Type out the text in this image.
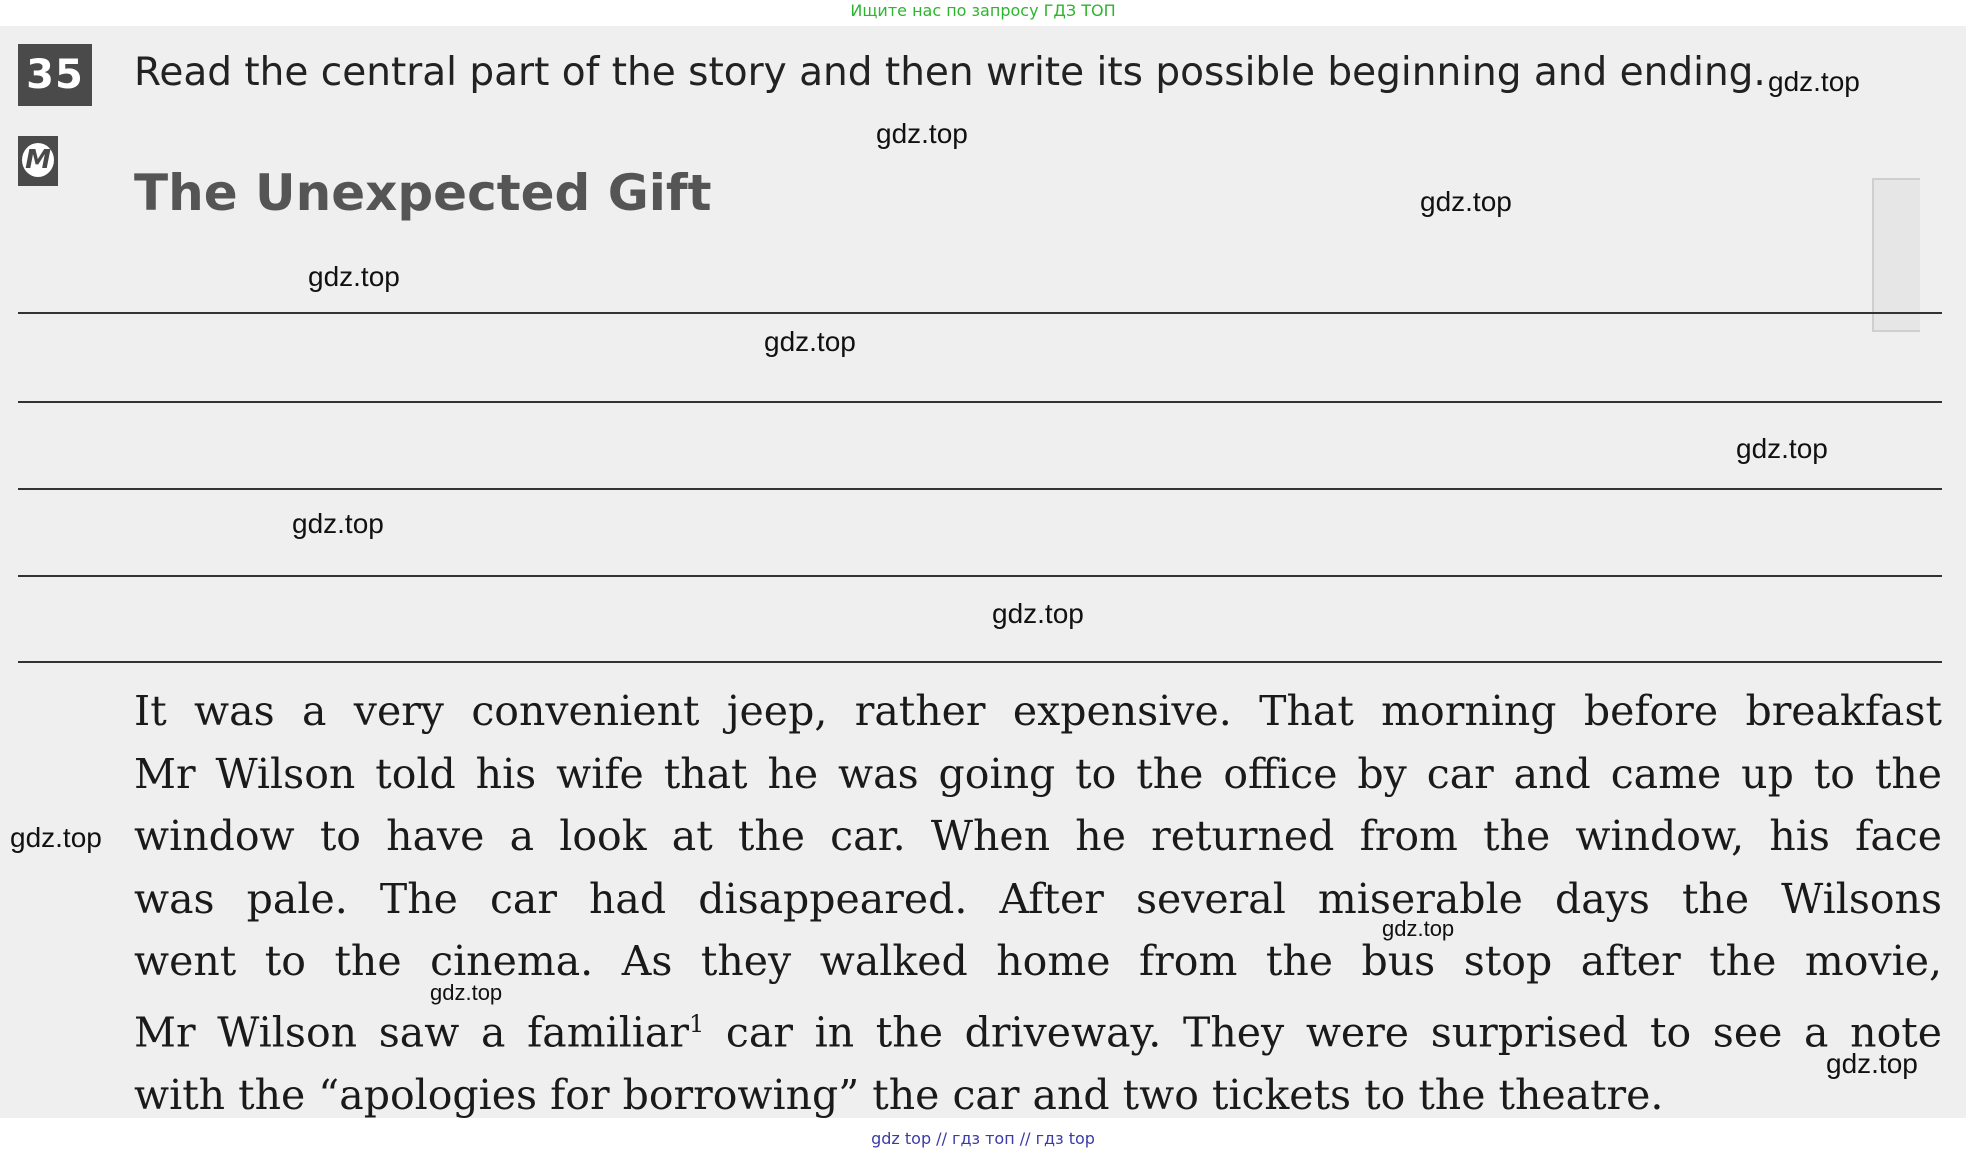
Ищите нас по запросу ГДЗ ТОП
35
M
Read the central part of the story and then write its possible beginning and ending.
The Unexpected Gift
It was a very convenient jeep, rather expensive. That morning before breakfast
Mr Wilson told his wife that he was going to the office by car and came up to the
window to have a look at the car. When he returned from the window, his face
was pale. The car had disappeared. After several miserable days the Wilsons
went to the cinema. As they walked home from the bus stop after the movie,
Mr Wilson saw a familiar$^1$ car in the driveway. They were surprised to see a note
with the “apologies for borrowing” the car and two tickets to the theatre.
gdz.top
gdz.top
gdz.top
gdz.top
gdz.top
gdz.top
gdz.top
gdz.top
gdz.top
gdz.top
gdz.top
gdz.top
gdz top // гдз топ // гдз top
